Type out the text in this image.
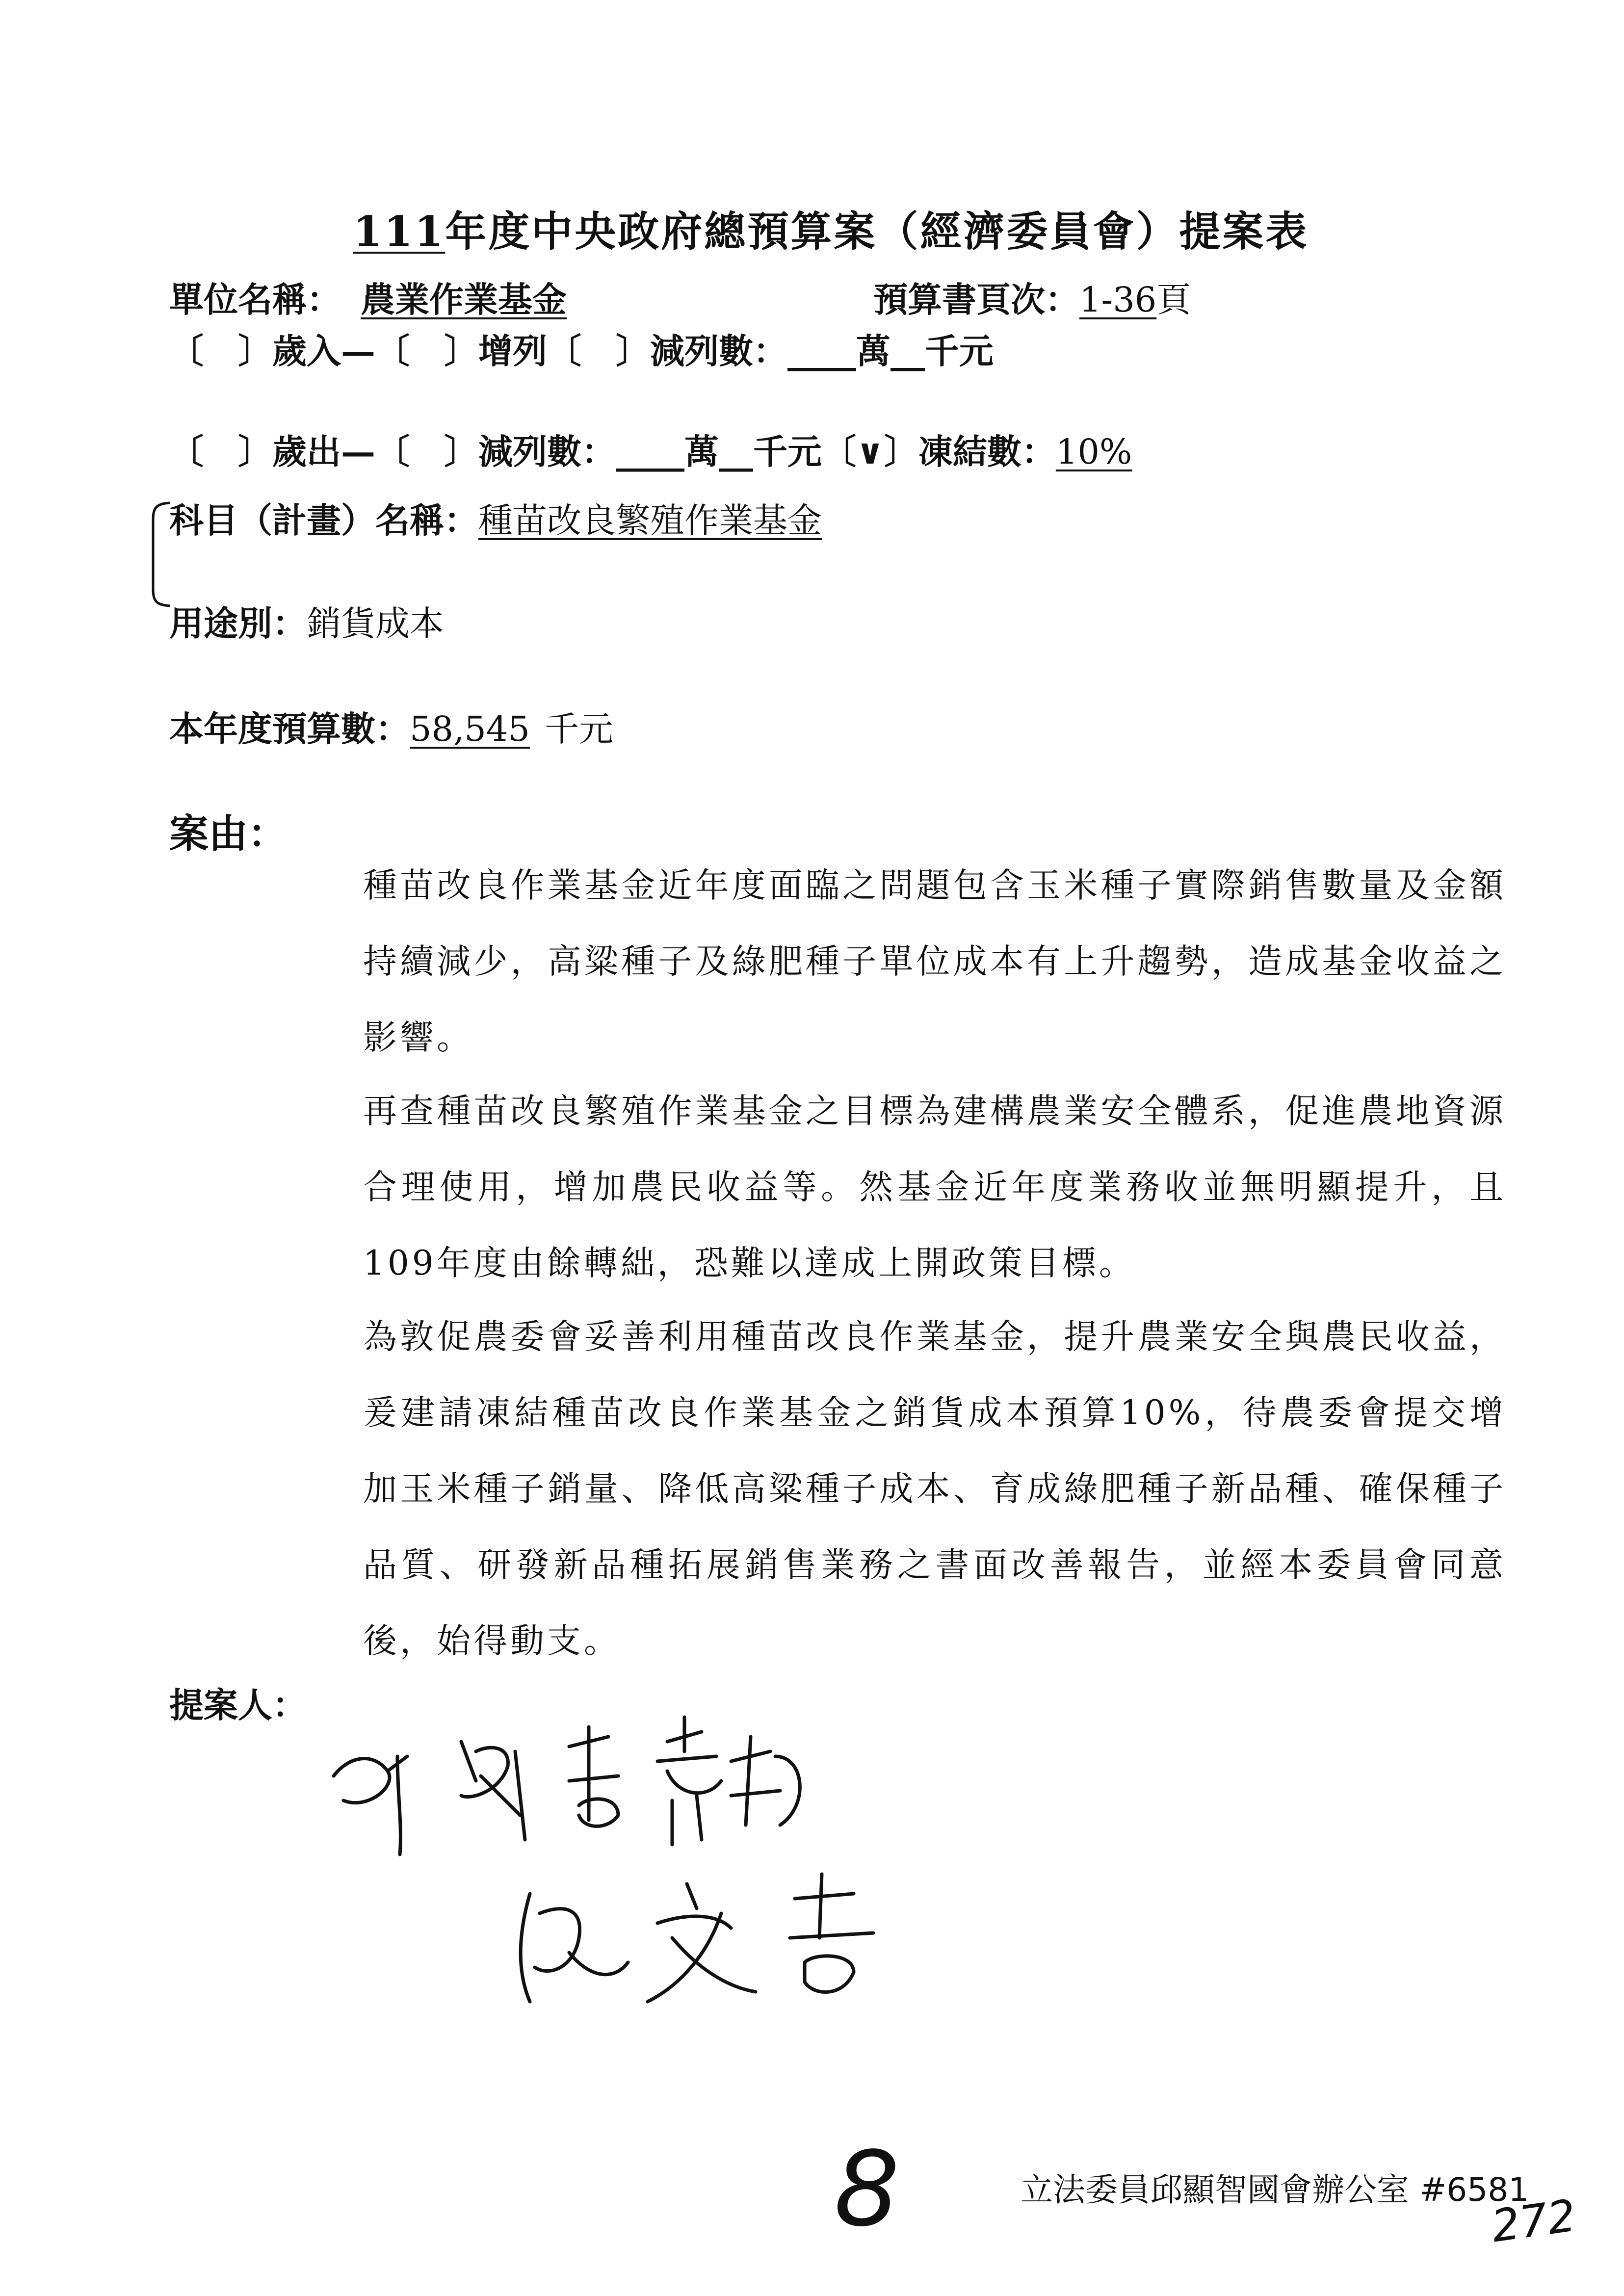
111年度中央政府總預算案（經濟委員會）提案表
單位名稱： 農業作業基金	預算書頁次：1-36頁
〔　〕歲入—〔　〕增列〔　〕減列數：____萬__千元
〔　〕歲出—〔　〕減列數：____萬__千元〔∨〕凍結數：10%
科目（計畫）名稱：種苗改良繁殖作業基金
用途別：銷貨成本
本年度預算數：58,545 千元
案由：
種苗改良作業基金近年度面臨之問題包含玉米種子實際銷售數量及金額持續減少，高粱種子及綠肥種子單位成本有上升趨勢，造成基金收益之影響。
再查種苗改良繁殖作業基金之目標為建構農業安全體系，促進農地資源合理使用，增加農民收益等。然基金近年度業務收並無明顯提升，且109年度由餘轉絀，恐難以達成上開政策目標。
為敦促農委會妥善利用種苗改良作業基金，提升農業安全與農民收益，爰建請凍結種苗改良作業基金之銷貨成本預算10%，待農委會提交增加玉米種子銷量、降低高粱種子成本、育成綠肥種子新品種、確保種子品質、研發新品種拓展銷售業務之書面改善報告，並經本委員會同意後，始得動支。
提案人：
8	立法委員邱顯智國會辦公室 #6581
272
